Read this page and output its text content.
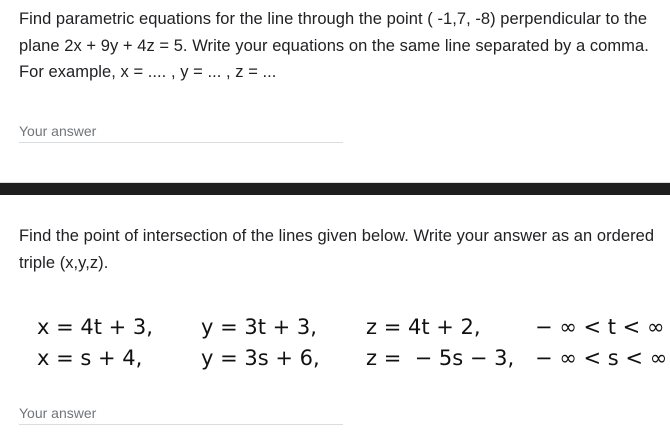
Find parametric equations for the line through the point ( -1,7, -8) perpendicular to the plane 2x + 9y + 4z = 5. Write your equations on the same line separated by a comma. For example, x = .... , y = ... , z = ...
Your answer
Find the point of intersection of the lines given below. Write your answer as an ordered triple (x,y,z).
x = 4t + 3, y = 3t + 3, z = 4t + 2,	− ∞ < t < ∞
x = s + 4,	y = 3s + 6, z =  − 5s − 3, − ∞ < s < ∞
Your answer
